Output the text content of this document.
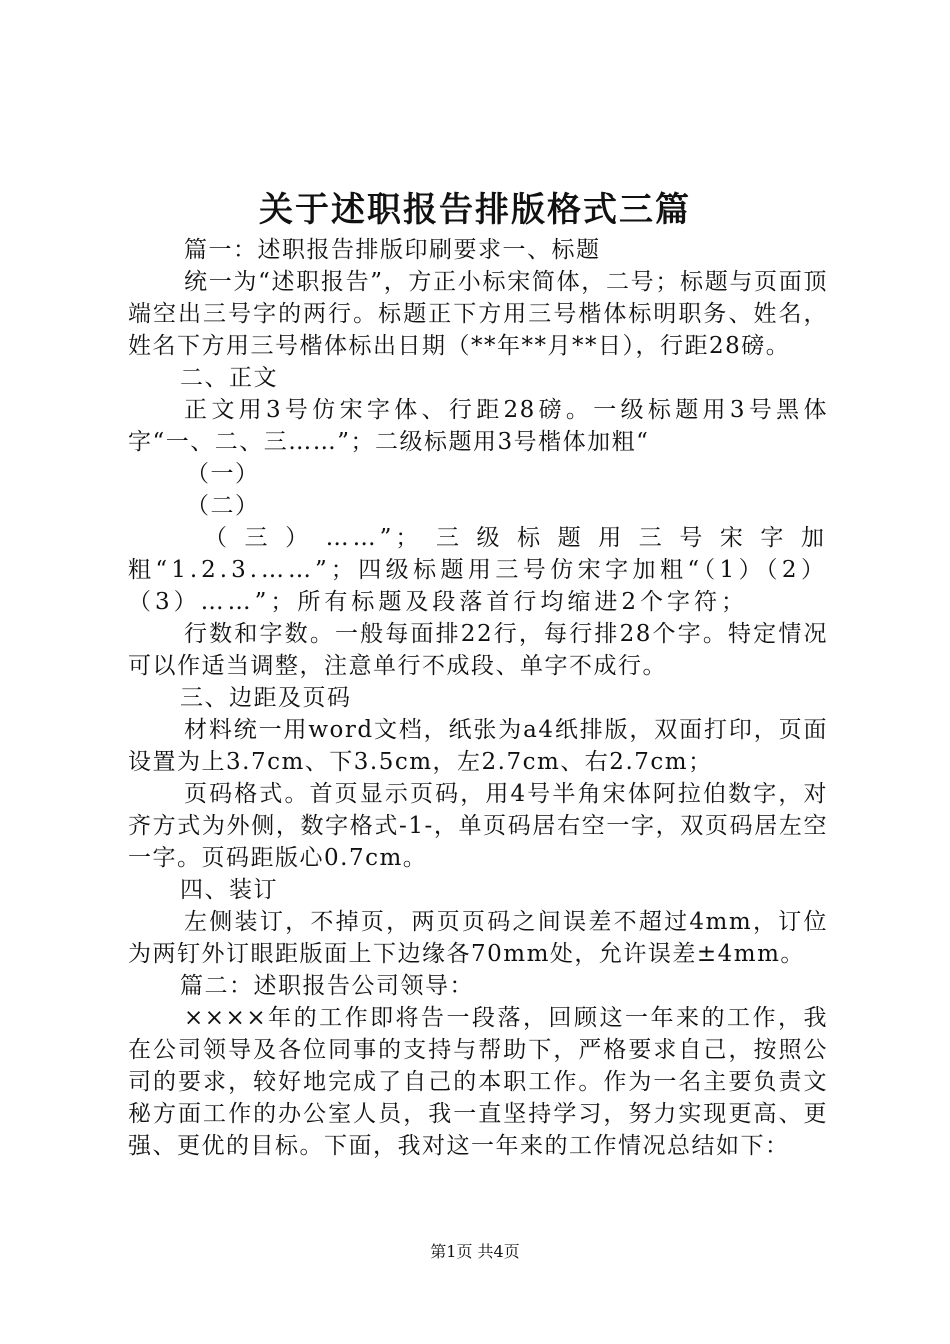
关于述职报告排版格式三篇

篇一：述职报告排版印刷要求一、标题

统一为“述职报告”，方正小标宋简体，二号；标题与页面顶端空出三号字的两行。标题正下方用三号楷体标明职务、姓名，姓名下方用三号楷体标出日期（**年**月**日），行距28磅。

二、正文

正文用3号仿宋字体、行距28磅。一级标题用3号黑体字“一、二、三……”；二级标题用3号楷体加粗“

（一）

（二）

（三）……”；三级标题用三号宋字加粗“1.2.3.……”；四级标题用三号仿宋字加粗“（1）（2）（3）……”；所有标题及段落首行均缩进2个字符；

行数和字数。一般每面排22行，每行排28个字。特定情况可以作适当调整，注意单行不成段、单字不成行。

三、边距及页码

材料统一用word文档，纸张为a4纸排版，双面打印，页面设置为上3.7cm、下3.5cm，左2.7cm、右2.7cm；

页码格式。首页显示页码，用4号半角宋体阿拉伯数字，对齐方式为外侧，数字格式-1-，单页码居右空一字，双页码居左空一字。页码距版心0.7cm。

四、装订

左侧装订，不掉页，两页页码之间误差不超过4mm，订位为两钉外订眼距版面上下边缘各70mm处，允许误差±4mm。

篇二：述职报告公司领导：

××××年的工作即将告一段落，回顾这一年来的工作，我在公司领导及各位同事的支持与帮助下，严格要求自己，按照公司的要求，较好地完成了自己的本职工作。作为一名主要负责文秘方面工作的办公室人员，我一直坚持学习，努力实现更高、更强、更优的目标。下面，我对这一年来的工作情况总结如下：

第1页 共4页
